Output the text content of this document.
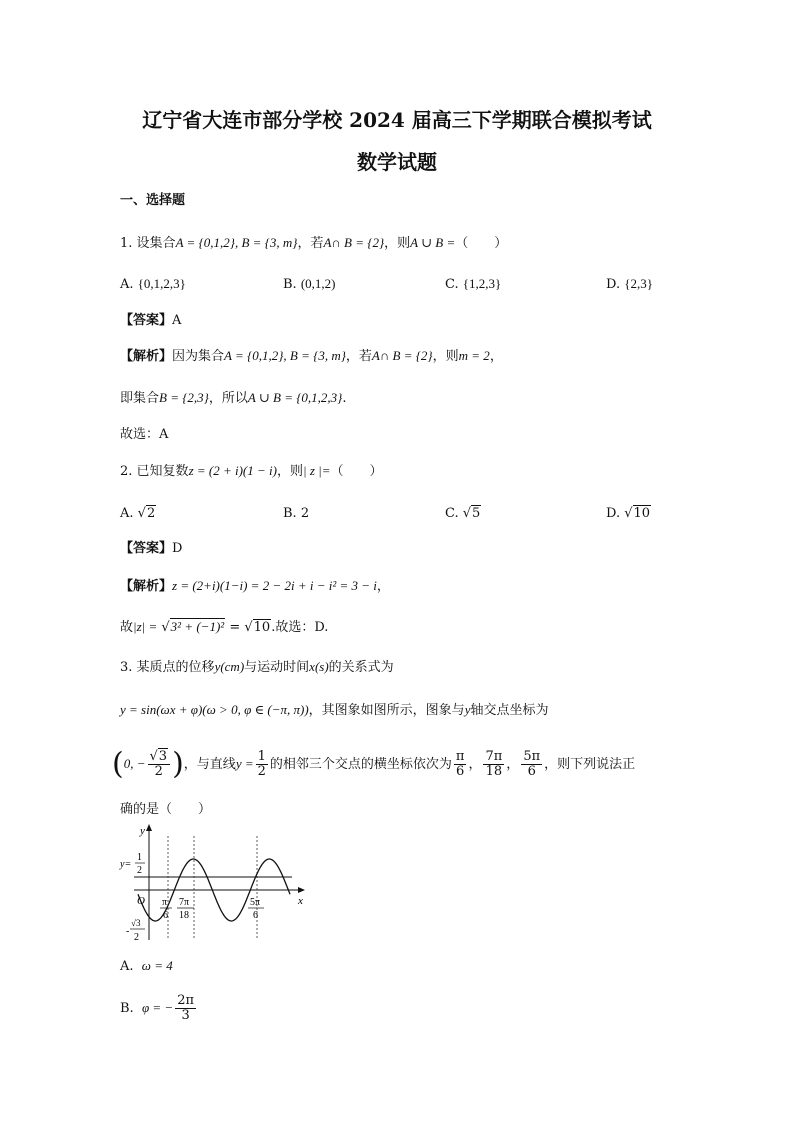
辽宁省大连市部分学校 2024 届高三下学期联合模拟考试
数学试题
一、选择题
1. 设集合A = {0,1,2}, B = {3, m}，若A∩ B = {2}，则A ∪ B =（　　）
A. {0,1,2,3}	B. (0,1,2)	C. {1,2,3}	D. {2,3}
【答案】A
【解析】因为集合A = {0,1,2}, B = {3, m}，若A∩ B = {2}，则m = 2，
即集合B = {2,3}，所以A ∪ B = {0,1,2,3}.
故选：A
2. 已知复数z = (2 + i)(1 − i)，则| z |=（　　）
A. √2	B. 2	C. √5	D. √10
【答案】D
【解析】z = (2+i)(1−i) = 2 − 2i + i − i² = 3 − i，
故|z| = √3² + (−1)² = √10.故选：D.
3. 某质点的位移y(cm)与运动时间x(s)的关系式为
y = sin(ωx + φ)(ω > 0, φ ∈ (−π, π))，其图象如图所示，图象与y轴交点坐标为
(0, − $\frac{√3}{2}$ )，与直线$y = \frac{1}{2}$ 的相邻三个交点的横坐标依次为 $\frac{\pi}{6}$ ， $\frac{7\pi}{18}$ ， $\frac{5\pi}{6}$ ，则下列说法正
确的是（　　）
y
x
O
y=
1
2
-
√3
2
π
6
7π
18
5π
6
A. ω = 4
B. φ = − $\frac{2\pi}{3}$
